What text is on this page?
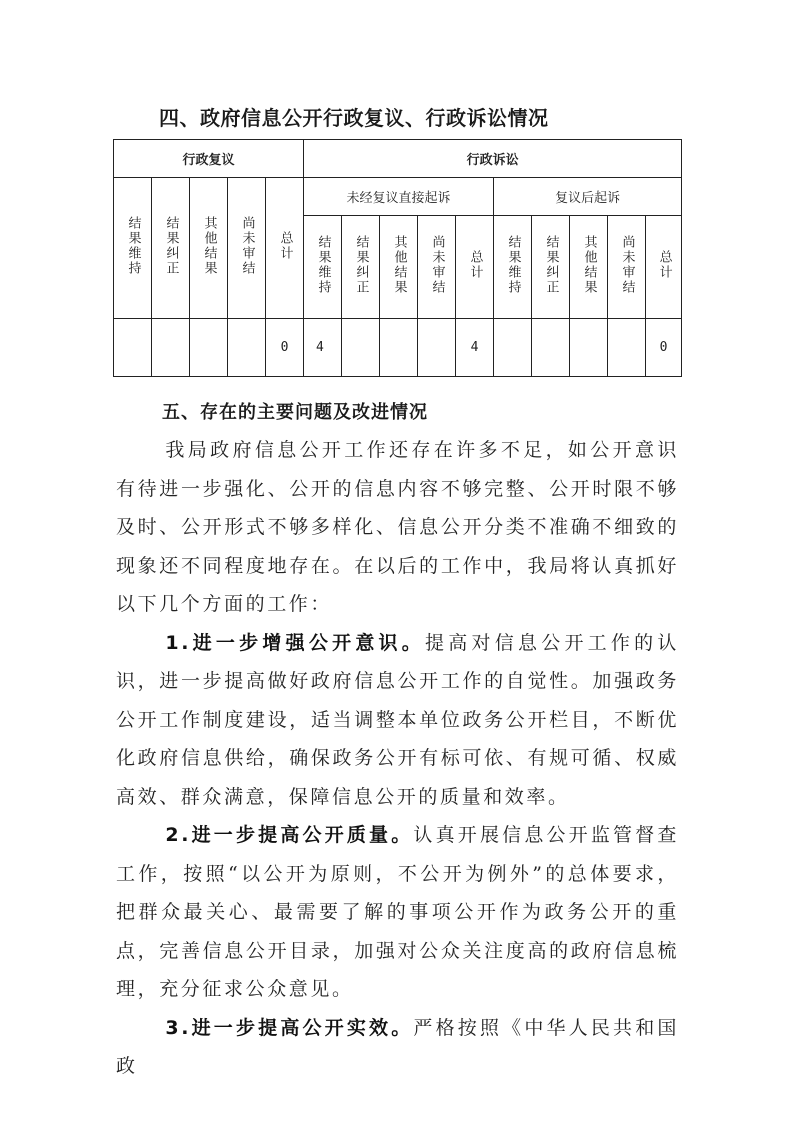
四、政府信息公开行政复议、行政诉讼情况
行政复议					行政诉讼									
结果维持	结果纠正	其他结果	尚未审结	总计	未经复议直接起诉					复议后起诉				
					结果维持	结果纠正	其他结果	尚未审结	总计	结果维持	结果纠正	其他结果	尚未审结	总计
				0	4				4					0
五、存在的主要问题及改进情况

我局政府信息公开工作还存在许多不足，如公开意识有待进一步强化、公开的信息内容不够完整、公开时限不够及时、公开形式不够多样化、信息公开分类不准确不细致的现象还不同程度地存在。在以后的工作中，我局将认真抓好以下几个方面的工作：

1.进一步增强公开意识。提高对信息公开工作的认识，进一步提高做好政府信息公开工作的自觉性。加强政务公开工作制度建设，适当调整本单位政务公开栏目，不断优化政府信息供给，确保政务公开有标可依、有规可循、权威高效、群众满意，保障信息公开的质量和效率。

2.进一步提高公开质量。认真开展信息公开监管督查工作，按照“以公开为原则，不公开为例外”的总体要求，把群众最关心、最需要了解的事项公开作为政务公开的重点，完善信息公开目录，加强对公众关注度高的政府信息梳理，充分征求公众意见。

3.进一步提高公开实效。严格按照《中华人民共和国政
